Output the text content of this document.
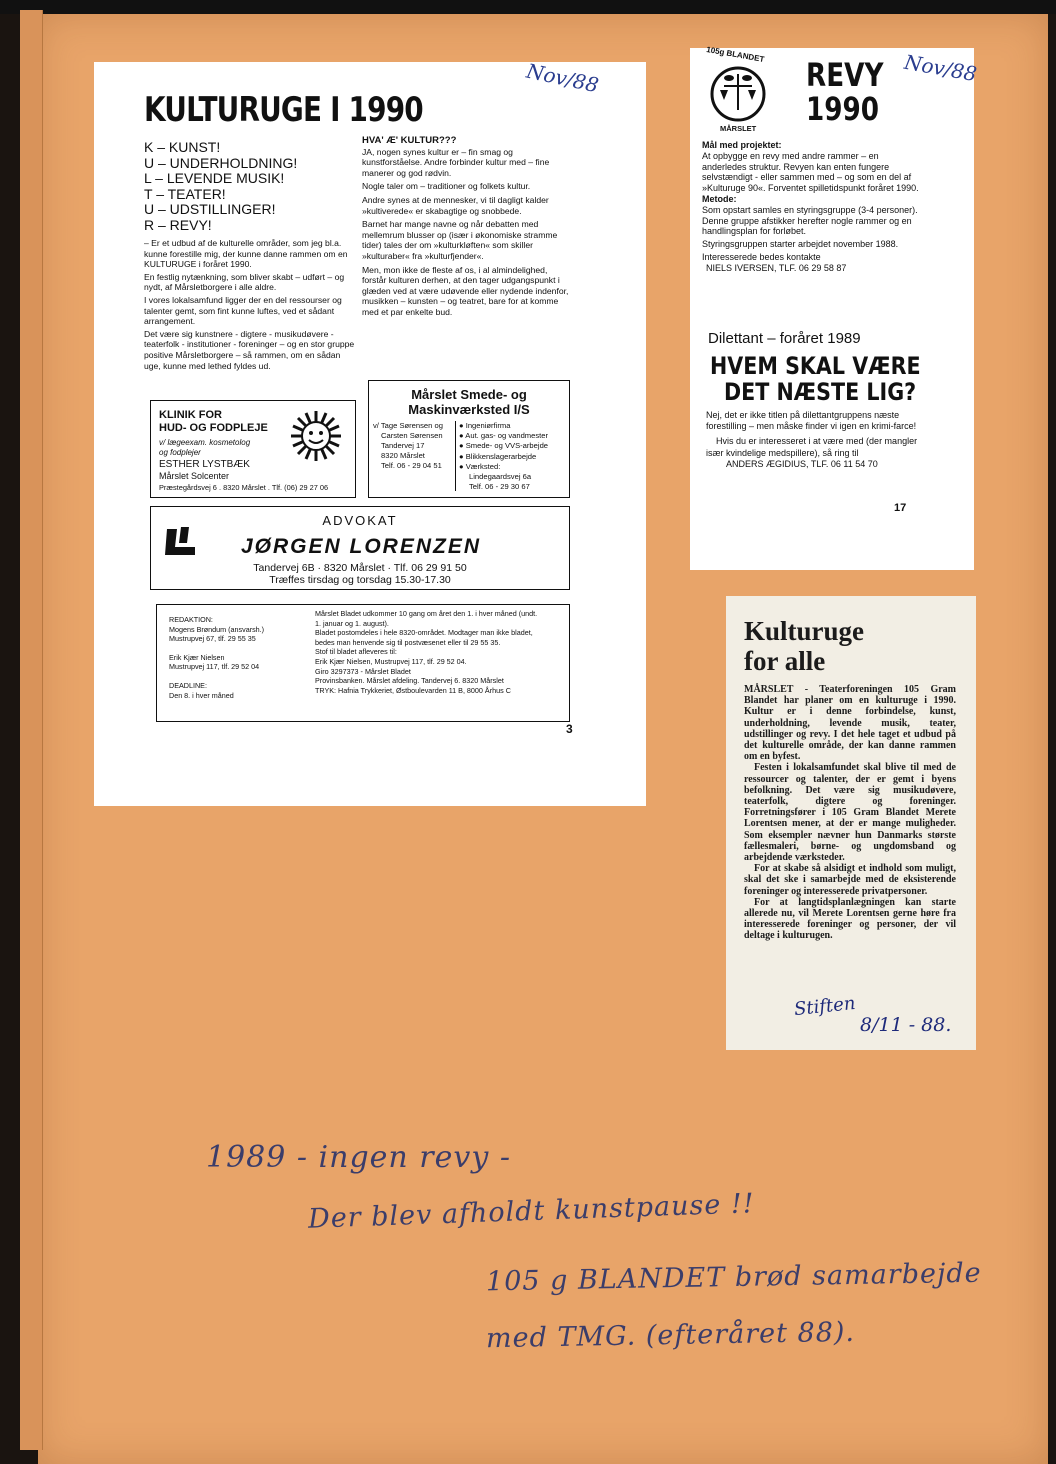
Nov/88
KULTURUGE I 1990
K – KUNST!
U – UNDERHOLDNING!
L – LEVENDE MUSIK!
T – TEATER!
U – UDSTILLINGER!
R – REVY!

– Er et udbud af de kulturelle områder, som jeg bl.a. kunne forestille mig, der kunne danne rammen om en KULTURUGE i foråret 1990.

En festlig nytænkning, som bliver skabt – udført – og nydt, af Mårsletborgere i alle aldre.

I vores lokalsamfund ligger der en del ressourser og talenter gemt, som fint kunne luftes, ved et sådant arrangement.

Det være sig kunstnere - digtere - musikudøvere - teaterfolk - institutioner - foreninger – og en stor gruppe positive Mårsletborgere – så rammen, om en sådan uge, kunne med lethed fyldes ud.

HVA' Æ' KULTUR???

JA, nogen synes kultur er – fin smag og kunstforståelse. Andre forbinder kultur med – fine manerer og god rødvin.

Nogle taler om – traditioner og folkets kultur.

Andre synes at de mennesker, vi til dagligt kalder »kultiverede« er skabagtige og snobbede.

Barnet har mange navne og når debatten med mellemrum blusser op (især i økonomiske stramme tider) tales der om »kulturkløften« som skiller »kulturaber« fra »kulturfjender«.

Men, mon ikke de fleste af os, i al almindelighed, forstår kulturen derhen, at den tager udgangspunkt i glæden ved at være udøvende eller nydende indenfor, musikken – kunsten – og teatret, bare for at komme med et par enkelte bud.

KLINIK FOR
HUD- OG FODPLEJE
v/ lægeexam. kosmetolog
og fodplejer
ESTHER LYSTBÆK
Mårslet Solcenter
Præstegårdsvej 6 . 8320 Mårslet . Tlf. (06) 29 27 06
Mårslet Smede- og
Maskinværksted I/S
v/ Tage Sørensen og
Carsten Sørensen
Tandervej 17
8320 Mårslet
Telf. 06 - 29 04 51
● Ingeniørfirma
● Aut. gas- og vandmester
● Smede- og VVS-arbejde
● Blikkenslagerarbejde
● Værksted:
Lindegaardsvej 6a
Telf. 06 - 29 30 67
ADVOKAT
JØRGEN LORENZEN
Tandervej 6B · 8320 Mårslet · Tlf. 06 29 91 50
Træffes tirsdag og torsdag 15.30-17.30
REDAKTION:
Mogens Brøndum (ansvarsh.)
Mustrupvej 67, tlf. 29 55 35
Erik Kjær Nielsen
Mustrupvej 117, tlf. 29 52 04
DEADLINE:
Den 8. i hver måned
Mårslet Bladet udkommer 10 gang om året den 1. i hver måned (undt.
1. januar og 1. august).
Bladet postomdeles i hele 8320-området. Modtager man ikke bladet,
bedes man henvende sig til postvæsenet eller til 29 55 35.
Stof til bladet afleveres til:
Erik Kjær Nielsen, Mustrupvej 117, tlf. 29 52 04.
Giro 3297373 - Mårslet Bladet
Provinsbanken. Mårslet afdeling. Tandervej 6. 8320 Mårslet
TRYK: Hafnia Trykkeriet, Østboulevarden 11 B, 8000 Århus C
3
105g BLANDET
MÅRSLET
REVY
1990
Nov/88

Mål med projektet:

At opbygge en revy med andre rammer – en anderledes struktur. Revyen kan enten fungere selvstændigt - eller sammen med – og som en del af »Kulturuge 90«. Forventet spilletidspunkt foråret 1990.

Metode:

Som opstart samles en styringsgruppe (3-4 personer). Denne gruppe afstikker herefter nogle rammer og en handlingsplan for forløbet.

Styringsgruppen starter arbejdet november 1988.

Interesserede bedes kontakte

NIELS IVERSEN, TLF. 06 29 58 87

Dilettant – foråret 1989
HVEM SKAL VÆRE
DET NÆSTE LIG?

Nej, det er ikke titlen på dilettantgruppens næste forestilling – men måske finder vi igen en krimi-farce!

Hvis du er interesseret i at være med (der mangler især kvindelige medspillere), så ring til

ANDERS ÆGIDIUS, TLF. 06 11 54 70

17
Kulturuge
for alle

MÅRSLET - Teaterforeningen 105 Gram Blandet har planer om en kulturuge i 1990. Kultur er i denne forbindelse, kunst, underholdning, levende musik, teater, udstillinger og revy. I det hele taget et udbud på det kulturelle område, der kan danne rammen om en byfest.

Festen i lokalsamfundet skal blive til med de ressourcer og talenter, der er gemt i byens befolkning. Det være sig musikudøvere, teaterfolk, digtere og foreninger. Forretningsfører i 105 Gram Blandet Merete Lorentsen mener, at der er mange muligheder. Som eksempler nævner hun Danmarks største fællesmaleri, børne- og ungdomsband og arbejdende værksteder.

For at skabe så alsidigt et indhold som muligt, skal det ske i samarbejde med de eksisterende foreninger og interesserede privatpersoner.

For at langtidsplanlægningen kan starte allerede nu, vil Merete Lorentsen gerne høre fra interesserede foreninger og personer, der vil deltage i kulturugen.

Stiften
8/11 - 88.
1989 - ingen revy -
Der blev afholdt kunstpause !!
105 g BLANDET brød samarbejde
med TMG. (efteråret 88).
